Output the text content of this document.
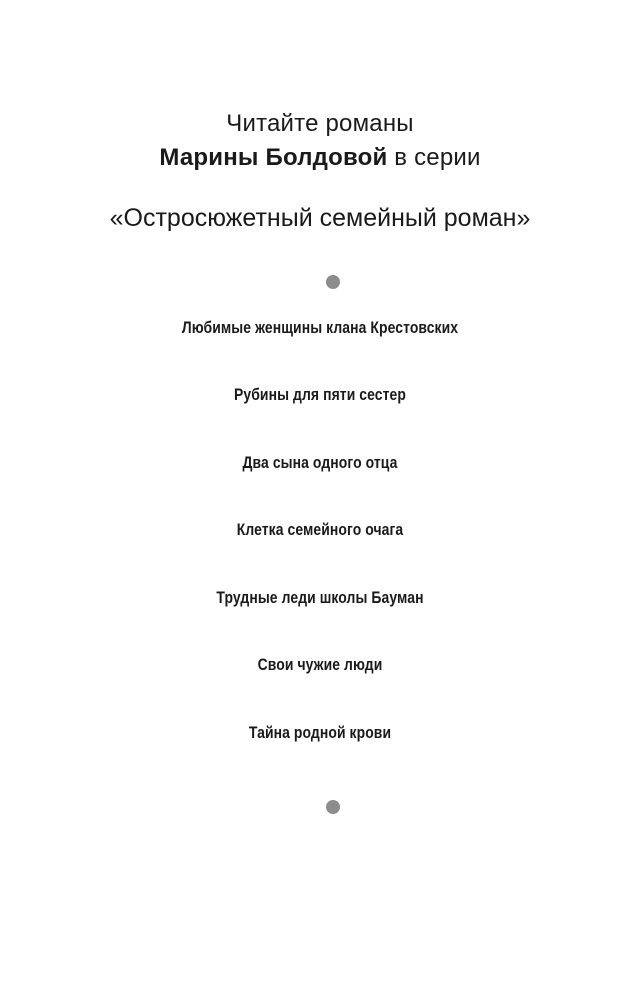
Читайте романы
Марины Болдовой в серии
«Остросюжетный семейный роман»
Любимые женщины клана Крестовских
Рубины для пяти сестер
Два сына одного отца
Клетка семейного очага
Трудные леди школы Бауман
Свои чужие люди
Тайна родной крови
